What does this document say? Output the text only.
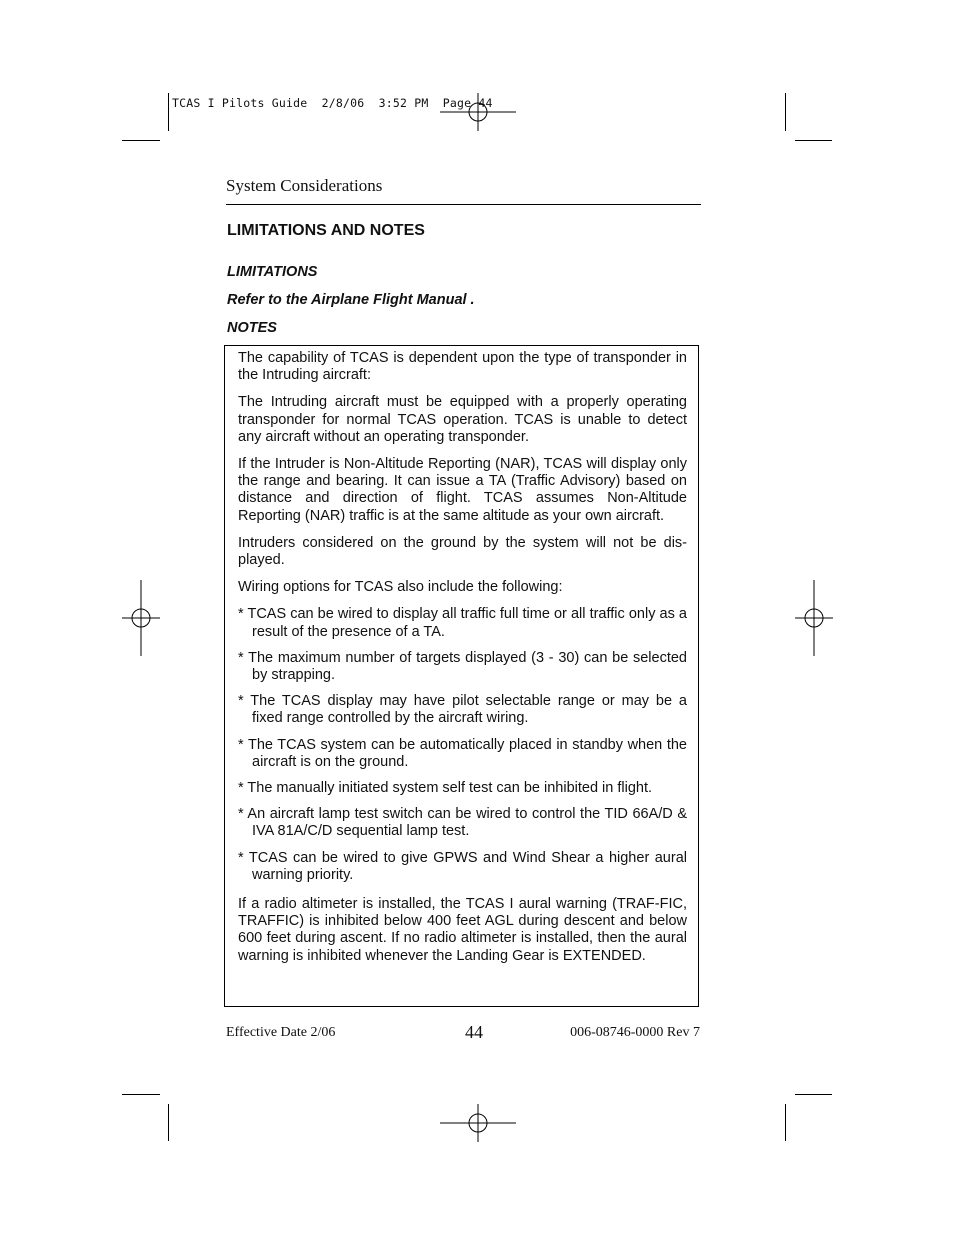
TCAS I Pilots Guide  2/8/06  3:52 PM  Page 44
System Considerations
LIMITATIONS AND NOTES
LIMITATIONS
Refer to the Airplane Flight Manual .
NOTES

The capability of TCAS is dependent upon the type of transponder in the Intruding aircraft:

The Intruding aircraft must be equipped with a properly operating transponder for normal TCAS operation. TCAS is unable to detect any aircraft without an operating transponder.

If the Intruder is Non-Altitude Reporting (NAR), TCAS will display only the range and bearing. It can issue a TA (Traffic Advisory) based on distance and direction of flight. TCAS assumes Non-Altitude Reporting (NAR) traffic is at the same altitude as your own aircraft.

Intruders considered on the ground by the system will not be dis-played.

Wiring options for TCAS also include the following:

* TCAS can be wired to display all traffic full time or all traffic only as a result of the presence of a TA.
* The maximum number of targets displayed (3 - 30) can be selected by strapping.
* The TCAS display may have pilot selectable range or may be a fixed range controlled by the aircraft wiring.
* The TCAS system can be automatically placed in standby when the aircraft is on the ground.
* The manually initiated system self test can be inhibited in flight.
* An aircraft lamp test switch can be wired to control the TID 66A/D & IVA 81A/C/D sequential lamp test.
* TCAS can be wired to give GPWS and Wind Shear a higher aural warning priority.

If a radio altimeter is installed, the TCAS I aural warning (TRAF-FIC, TRAFFIC) is inhibited below 400 feet AGL during descent and below 600 feet during ascent. If no radio altimeter is installed, then the aural warning is inhibited whenever the Landing Gear is EXTENDED.

Effective Date 2/06	44	006-08746-0000 Rev 7
